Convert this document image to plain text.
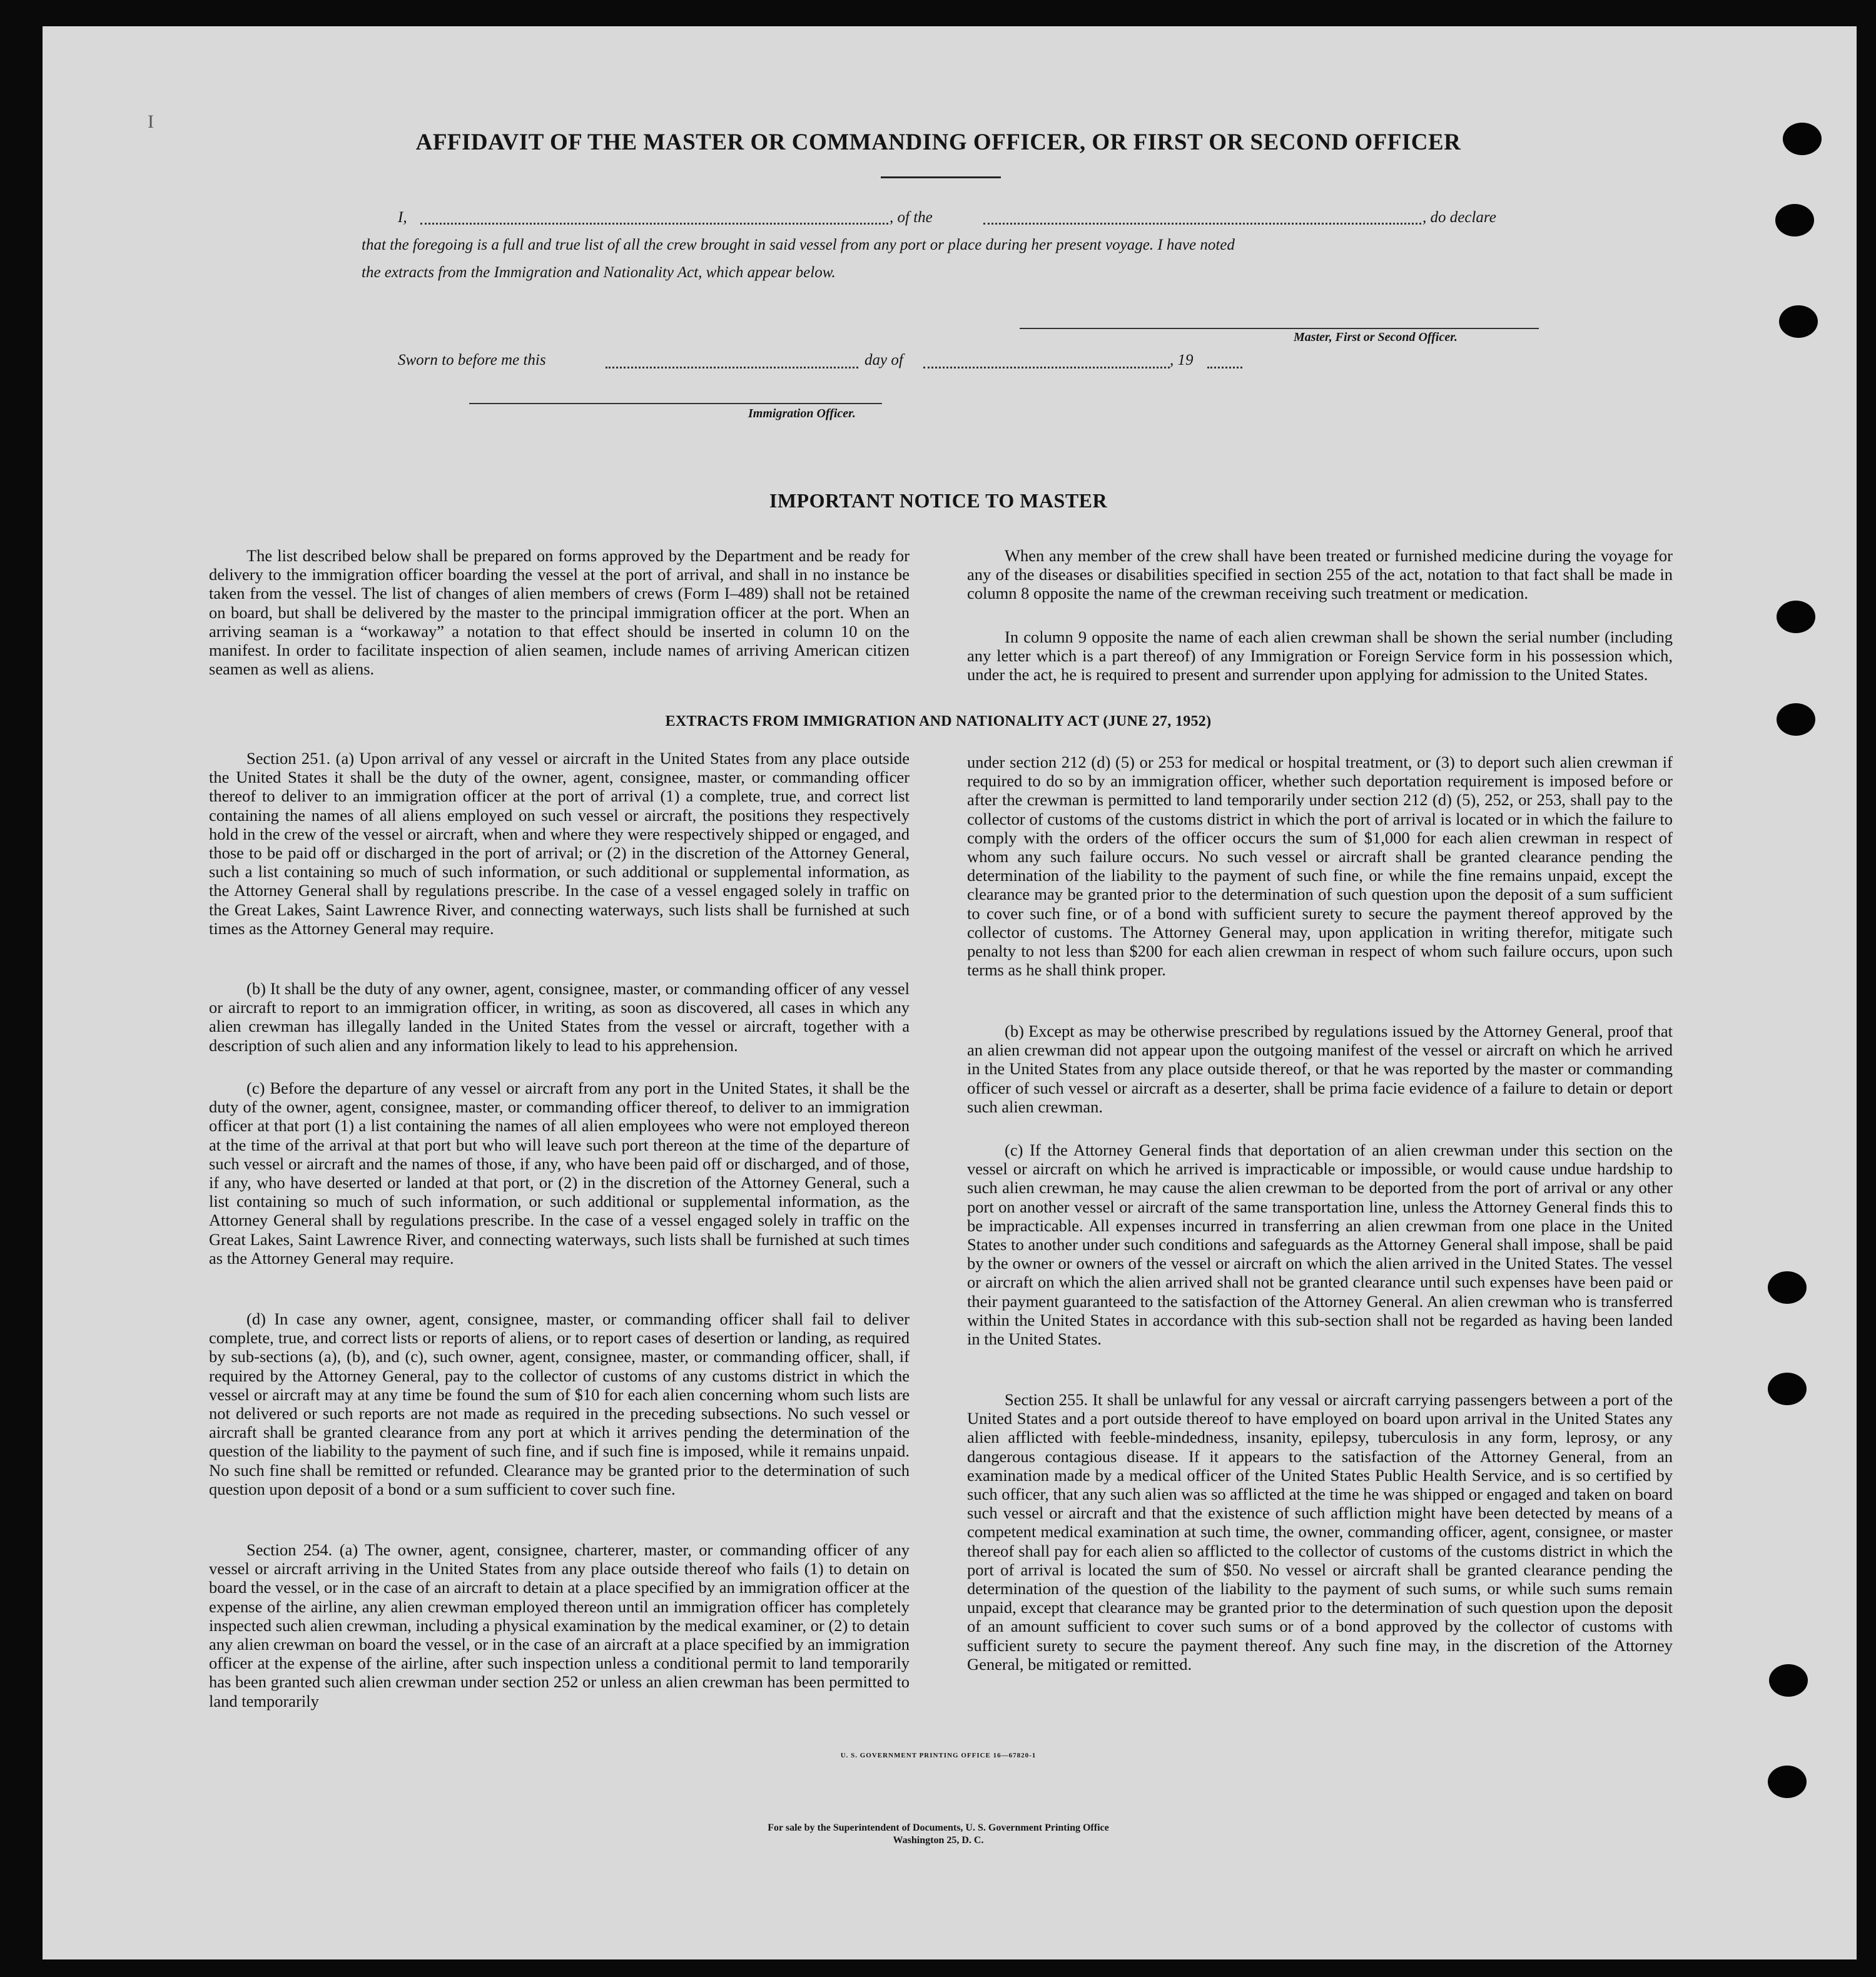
I
AFFIDAVIT OF THE MASTER OR COMMANDING OFFICER, OR FIRST OR SECOND OFFICER
I,	, of the	, do declare
that the foregoing is a full and true list of all the crew brought in said vessel from any port or place during her present voyage. I have noted
the extracts from the Immigration and Nationality Act, which appear below.
Master, First or Second Officer.
Sworn to before me this	day of	, 19
Immigration Officer.
IMPORTANT NOTICE TO MASTER

The list described below shall be prepared on forms approved by the Department and be ready for delivery to the immigration officer boarding the vessel at the port of arrival, and shall in no instance be taken from the vessel. The list of changes of alien members of crews (Form I–489) shall not be retained on board, but shall be delivered by the master to the principal immigration officer at the port. When an arriving seaman is a “workaway” a notation to that effect should be inserted in column 10 on the manifest. In order to facilitate inspection of alien seamen, include names of arriving American citizen seamen as well as aliens.

When any member of the crew shall have been treated or furnished medicine during the voyage for any of the diseases or disabilities specified in section 255 of the act, notation to that fact shall be made in column 8 opposite the name of the crewman receiving such treatment or medication.

In column 9 opposite the name of each alien crewman shall be shown the serial number (including any letter which is a part thereof) of any Immigration or Foreign Service form in his possession which, under the act, he is required to present and surrender upon applying for admission to the United States.

EXTRACTS FROM IMMIGRATION AND NATIONALITY ACT (JUNE 27, 1952)

Section 251. (a) Upon arrival of any vessel or aircraft in the United States from any place outside the United States it shall be the duty of the owner, agent, consignee, master, or commanding officer thereof to deliver to an immigration officer at the port of arrival (1) a complete, true, and correct list containing the names of all aliens employed on such vessel or aircraft, the positions they respectively hold in the crew of the vessel or aircraft, when and where they were respectively shipped or engaged, and those to be paid off or discharged in the port of arrival; or (2) in the discretion of the Attorney General, such a list containing so much of such information, or such additional or supplemental information, as the Attorney General shall by regulations prescribe. In the case of a vessel engaged solely in traffic on the Great Lakes, Saint Lawrence River, and connecting waterways, such lists shall be furnished at such times as the Attorney General may require.

(b) It shall be the duty of any owner, agent, consignee, master, or commanding officer of any vessel or aircraft to report to an immigration officer, in writing, as soon as discovered, all cases in which any alien crewman has illegally landed in the United States from the vessel or aircraft, together with a description of such alien and any information likely to lead to his apprehension.

(c) Before the departure of any vessel or aircraft from any port in the United States, it shall be the duty of the owner, agent, consignee, master, or commanding officer thereof, to deliver to an immigration officer at that port (1) a list containing the names of all alien employees who were not employed thereon at the time of the arrival at that port but who will leave such port thereon at the time of the departure of such vessel or aircraft and the names of those, if any, who have been paid off or discharged, and of those, if any, who have deserted or landed at that port, or (2) in the discretion of the Attorney General, such a list containing so much of such information, or such additional or supplemental information, as the Attorney General shall by regulations prescribe. In the case of a vessel engaged solely in traffic on the Great Lakes, Saint Lawrence River, and connecting waterways, such lists shall be furnished at such times as the Attorney General may require.

(d) In case any owner, agent, consignee, master, or commanding officer shall fail to deliver complete, true, and correct lists or reports of aliens, or to report cases of desertion or landing, as required by sub-sections (a), (b), and (c), such owner, agent, consignee, master, or commanding officer, shall, if required by the Attorney General, pay to the collector of customs of any customs district in which the vessel or aircraft may at any time be found the sum of $10 for each alien concerning whom such lists are not delivered or such reports are not made as required in the preceding subsections. No such vessel or aircraft shall be granted clearance from any port at which it arrives pending the determination of the question of the liability to the payment of such fine, and if such fine is imposed, while it remains unpaid. No such fine shall be remitted or refunded. Clearance may be granted prior to the determination of such question upon deposit of a bond or a sum sufficient to cover such fine.

Section 254. (a) The owner, agent, consignee, charterer, master, or commanding officer of any vessel or aircraft arriving in the United States from any place outside thereof who fails (1) to detain on board the vessel, or in the case of an aircraft to detain at a place specified by an immigration officer at the expense of the airline, any alien crewman employed thereon until an immigration officer has completely inspected such alien crewman, including a physical examination by the medical examiner, or (2) to detain any alien crewman on board the vessel, or in the case of an aircraft at a place specified by an immigration officer at the expense of the airline, after such inspection unless a conditional permit to land temporarily has been granted such alien crewman under section 252 or unless an alien crewman has been permitted to land temporarily

under section 212 (d) (5) or 253 for medical or hospital treatment, or (3) to deport such alien crewman if required to do so by an immigration officer, whether such deportation requirement is imposed before or after the crewman is permitted to land temporarily under section 212 (d) (5), 252, or 253, shall pay to the collector of customs of the customs district in which the port of arrival is located or in which the failure to comply with the orders of the officer occurs the sum of $1,000 for each alien crewman in respect of whom any such failure occurs. No such vessel or aircraft shall be granted clearance pending the determination of the liability to the payment of such fine, or while the fine remains unpaid, except the clearance may be granted prior to the determination of such question upon the deposit of a sum sufficient to cover such fine, or of a bond with sufficient surety to secure the payment thereof approved by the collector of customs. The Attorney General may, upon application in writing therefor, mitigate such penalty to not less than $200 for each alien crewman in respect of whom such failure occurs, upon such terms as he shall think proper.

(b) Except as may be otherwise prescribed by regulations issued by the Attorney General, proof that an alien crewman did not appear upon the outgoing manifest of the vessel or aircraft on which he arrived in the United States from any place outside thereof, or that he was reported by the master or commanding officer of such vessel or aircraft as a deserter, shall be prima facie evidence of a failure to detain or deport such alien crewman.

(c) If the Attorney General finds that deportation of an alien crewman under this section on the vessel or aircraft on which he arrived is impracticable or impossible, or would cause undue hardship to such alien crewman, he may cause the alien crewman to be deported from the port of arrival or any other port on another vessel or aircraft of the same transportation line, unless the Attorney General finds this to be impracticable. All expenses incurred in transferring an alien crewman from one place in the United States to another under such conditions and safeguards as the Attorney General shall impose, shall be paid by the owner or owners of the vessel or aircraft on which the alien arrived in the United States. The vessel or aircraft on which the alien arrived shall not be granted clearance until such expenses have been paid or their payment guaranteed to the satisfaction of the Attorney General. An alien crewman who is transferred within the United States in accordance with this sub-section shall not be regarded as having been landed in the United States.

Section 255. It shall be unlawful for any vessal or aircraft carrying passengers between a port of the United States and a port outside thereof to have employed on board upon arrival in the United States any alien afflicted with feeble-mindedness, insanity, epilepsy, tuberculosis in any form, leprosy, or any dangerous contagious disease. If it appears to the satisfaction of the Attorney General, from an examination made by a medical officer of the United States Public Health Service, and is so certified by such officer, that any such alien was so afflicted at the time he was shipped or engaged and taken on board such vessel or aircraft and that the existence of such affliction might have been detected by means of a competent medical examination at such time, the owner, commanding officer, agent, consignee, or master thereof shall pay for each alien so afflicted to the collector of customs of the customs district in which the port of arrival is located the sum of $50. No vessel or aircraft shall be granted clearance pending the determination of the question of the liability to the payment of such sums, or while such sums remain unpaid, except that clearance may be granted prior to the determination of such question upon the deposit of an amount sufficient to cover such sums or of a bond approved by the collector of customs with sufficient surety to secure the payment thereof. Any such fine may, in the discretion of the Attorney General, be mitigated or remitted.

U. S. GOVERNMENT PRINTING OFFICE 16—67820-1
For sale by the Superintendent of Documents, U. S. Government Printing Office
Washington 25, D. C.
